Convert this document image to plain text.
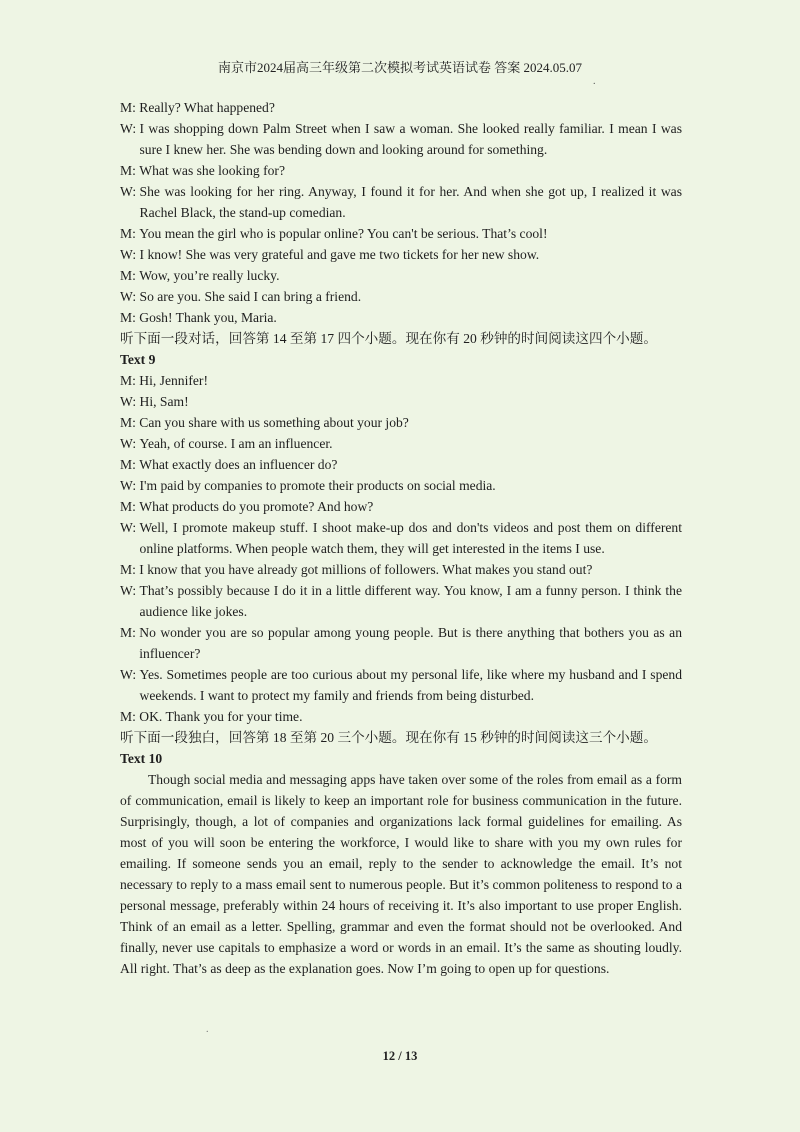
南京市2024届高三年级第二次模拟考试英语试卷 答案 2024.05.07
.
M: Really? What happened?
W: I was shopping down Palm Street when I saw a woman. She looked really familiar. I mean I was sure I knew her. She was bending down and looking around for something.
M: What was she looking for?
W: She was looking for her ring. Anyway, I found it for her. And when she got up, I realized it was Rachel Black, the stand-up comedian.
M: You mean the girl who is popular online? You can't be serious. That’s cool!
W: I know! She was very grateful and gave me two tickets for her new show.
M: Wow, you’re really lucky.
W: So are you. She said I can bring a friend.
M: Gosh! Thank you, Maria.
听下面一段对话，回答第 14 至第 17 四个小题。现在你有 20 秒钟的时间阅读这四个小题。
Text 9
M: Hi, Jennifer!
W: Hi, Sam!
M: Can you share with us something about your job?
W: Yeah, of course. I am an influencer.
M: What exactly does an influencer do?
W: I'm paid by companies to promote their products on social media.
M: What products do you promote? And how?
W: Well, I promote makeup stuff. I shoot make-up dos and don'ts videos and post them on different online platforms. When people watch them, they will get interested in the items I use.
M: I know that you have already got millions of followers. What makes you stand out?
W: That’s possibly because I do it in a little different way. You know, I am a funny person. I think the audience like jokes.
M: No wonder you are so popular among young people. But is there anything that bothers you as an influencer?
W: Yes. Sometimes people are too curious about my personal life, like where my husband and I spend weekends. I want to protect my family and friends from being disturbed.
M: OK. Thank you for your time.
听下面一段独白，回答第 18 至第 20 三个小题。现在你有 15 秒钟的时间阅读这三个小题。
Text 10
Though social media and messaging apps have taken over some of the roles from email as a form of communication, email is likely to keep an important role for business communication in the future. Surprisingly, though, a lot of companies and organizations lack formal guidelines for emailing. As most of you will soon be entering the workforce, I would like to share with you my own rules for emailing. If someone sends you an email, reply to the sender to acknowledge the email. It’s not necessary to reply to a mass email sent to numerous people. But it’s common politeness to respond to a personal message, preferably within 24 hours of receiving it. It’s also important to use proper English. Think of an email as a letter. Spelling, grammar and even the format should not be overlooked. And finally, never use capitals to emphasize a word or words in an email. It’s the same as shouting loudly. All right. That’s as deep as the explanation goes. Now I’m going to open up for questions.
.
12 / 13
